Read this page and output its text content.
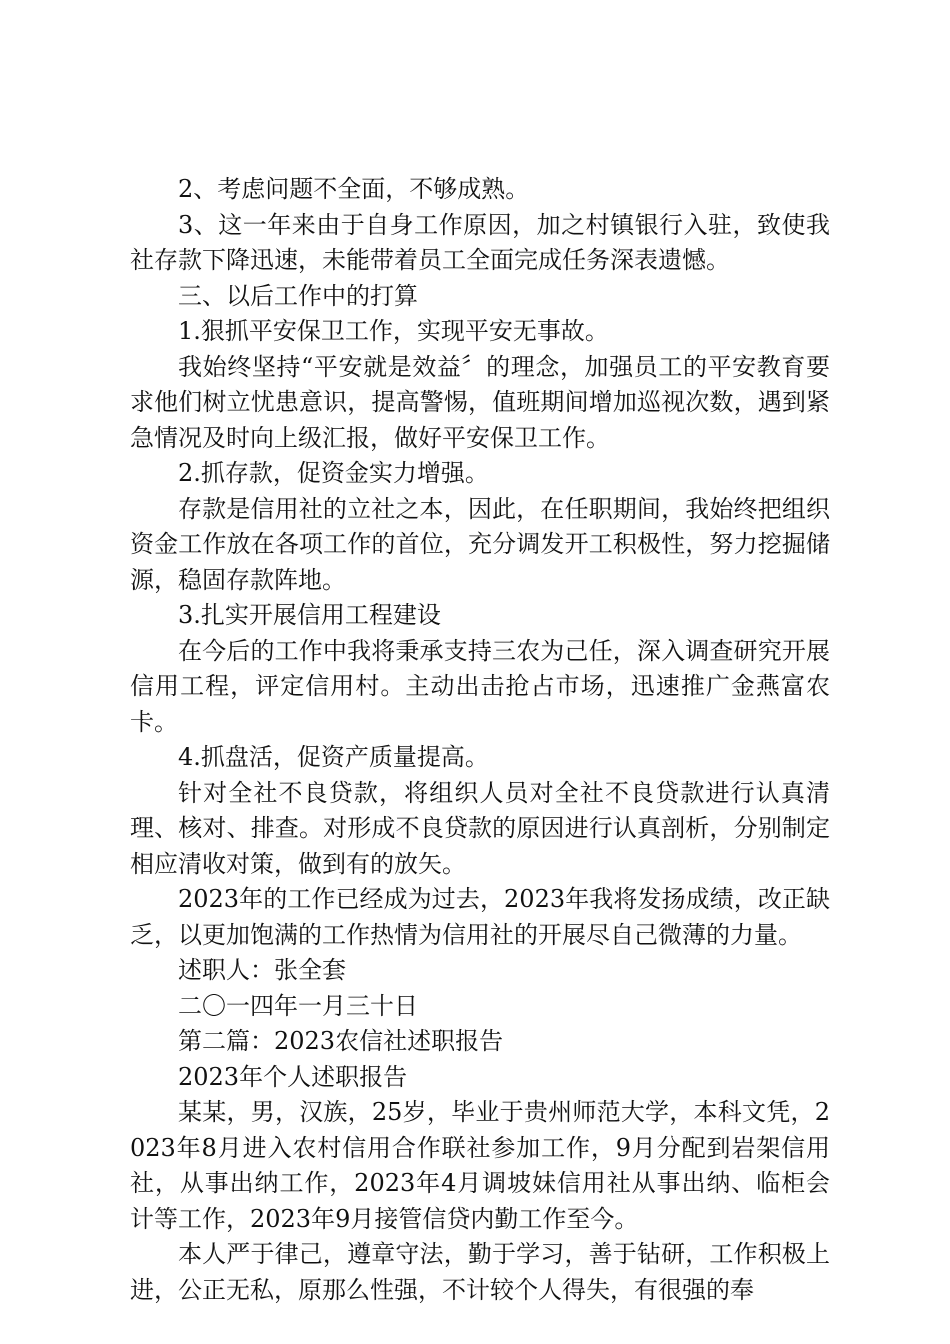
2、考虑问题不全面，不够成熟。

3、这一年来由于自身工作原因，加之村镇银行入驻，致使我社存款下降迅速，未能带着员工全面完成任务深表遗憾。

三、以后工作中的打算

1.狠抓平安保卫工作，实现平安无事故。

我始终坚持“平安就是效益〞的理念，加强员工的平安教育要求他们树立忧患意识，提高警惕，值班期间增加巡视次数，遇到紧急情况及时向上级汇报，做好平安保卫工作。

2.抓存款，促资金实力增强。

存款是信用社的立社之本，因此，在任职期间，我始终把组织资金工作放在各项工作的首位，充分调发开工积极性，努力挖掘储源，稳固存款阵地。

3.扎实开展信用工程建设

在今后的工作中我将秉承支持三农为己任，深入调查研究开展信用工程，评定信用村。主动出击抢占市场，迅速推广金燕富农卡。

4.抓盘活，促资产质量提高。

针对全社不良贷款，将组织人员对全社不良贷款进行认真清理、核对、排查。对形成不良贷款的原因进行认真剖析，分别制定相应清收对策，做到有的放矢。

2023年的工作已经成为过去，2023年我将发扬成绩，改正缺乏，以更加饱满的工作热情为信用社的开展尽自己微薄的力量。

述职人：张全套

二〇一四年一月三十日

第二篇：2023农信社述职报告

2023年个人述职报告

某某，男，汉族，25岁，毕业于贵州师范大学，本科文凭，2023年8月进入农村信用合作联社参加工作，9月分配到岩架信用社，从事出纳工作，2023年4月调坡妹信用社从事出纳、临柜会计等工作，2023年9月接管信贷内勤工作至今。

本人严于律己，遵章守法，勤于学习，善于钻研，工作积极上进，公正无私，原那么性强，不计较个人得失，有很强的奉
